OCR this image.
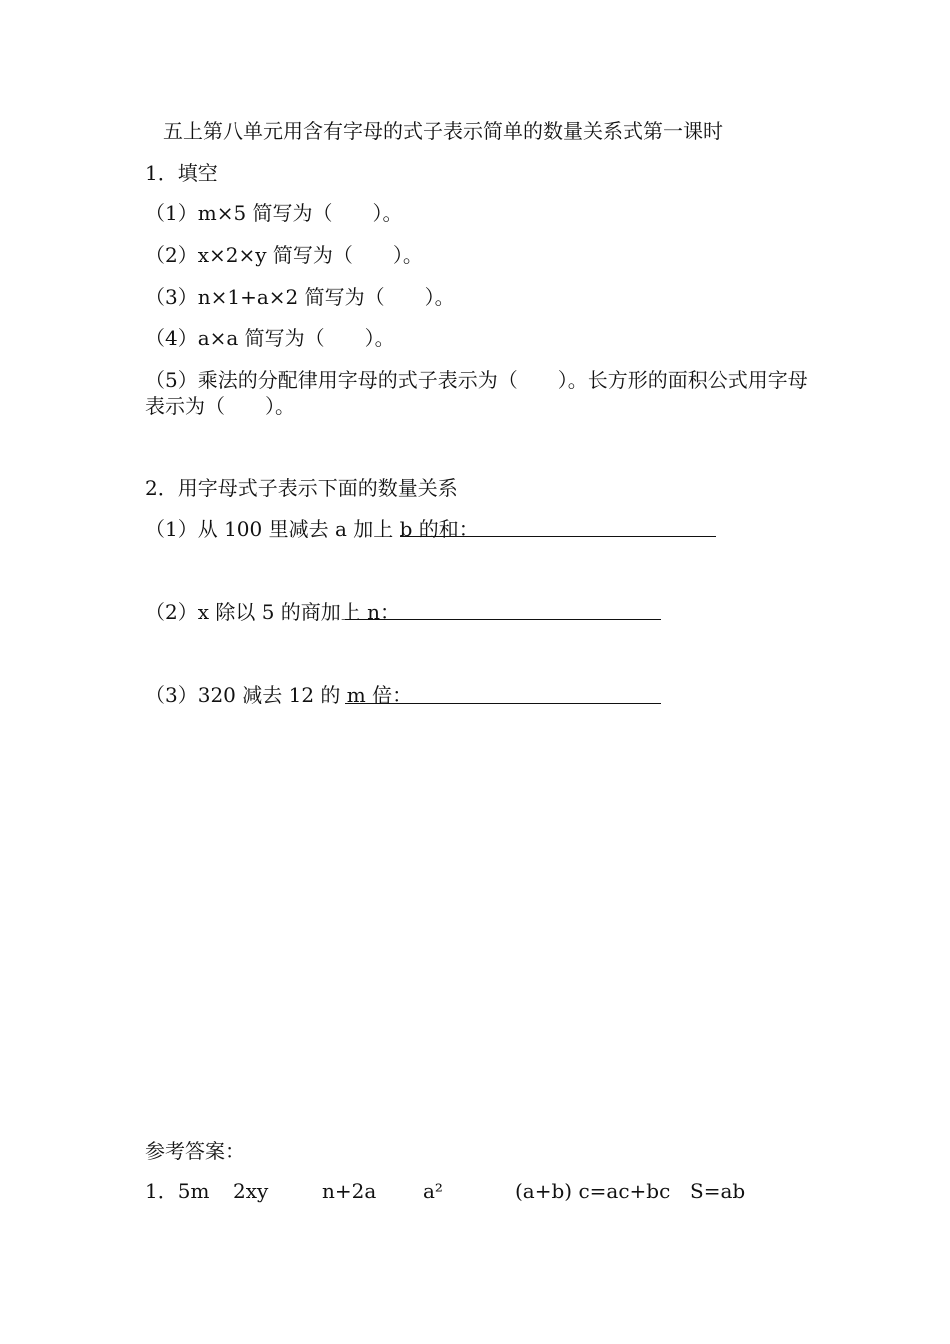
五上第八单元用含有字母的式子表示简单的数量关系式第一课时
1．填空
（1）m×5 简写为（　　）。
（2）x×2×y 简写为（　　）。
（3）n×1+a×2 简写为（　　）。
（4）a×a 简写为（　　）。
（5）乘法的分配律用字母的式子表示为（　　）。长方形的面积公式用字母表示为（　　）。
2．用字母式子表示下面的数量关系
（1）从 100 里减去 a 加上 b 的和：
（2）x 除以 5 的商加上 n：
（3）320 减去 12 的 m 倍：
参考答案：
1．5m 2xy	n+2a a²	(a+b) c=ac+bc S=ab
